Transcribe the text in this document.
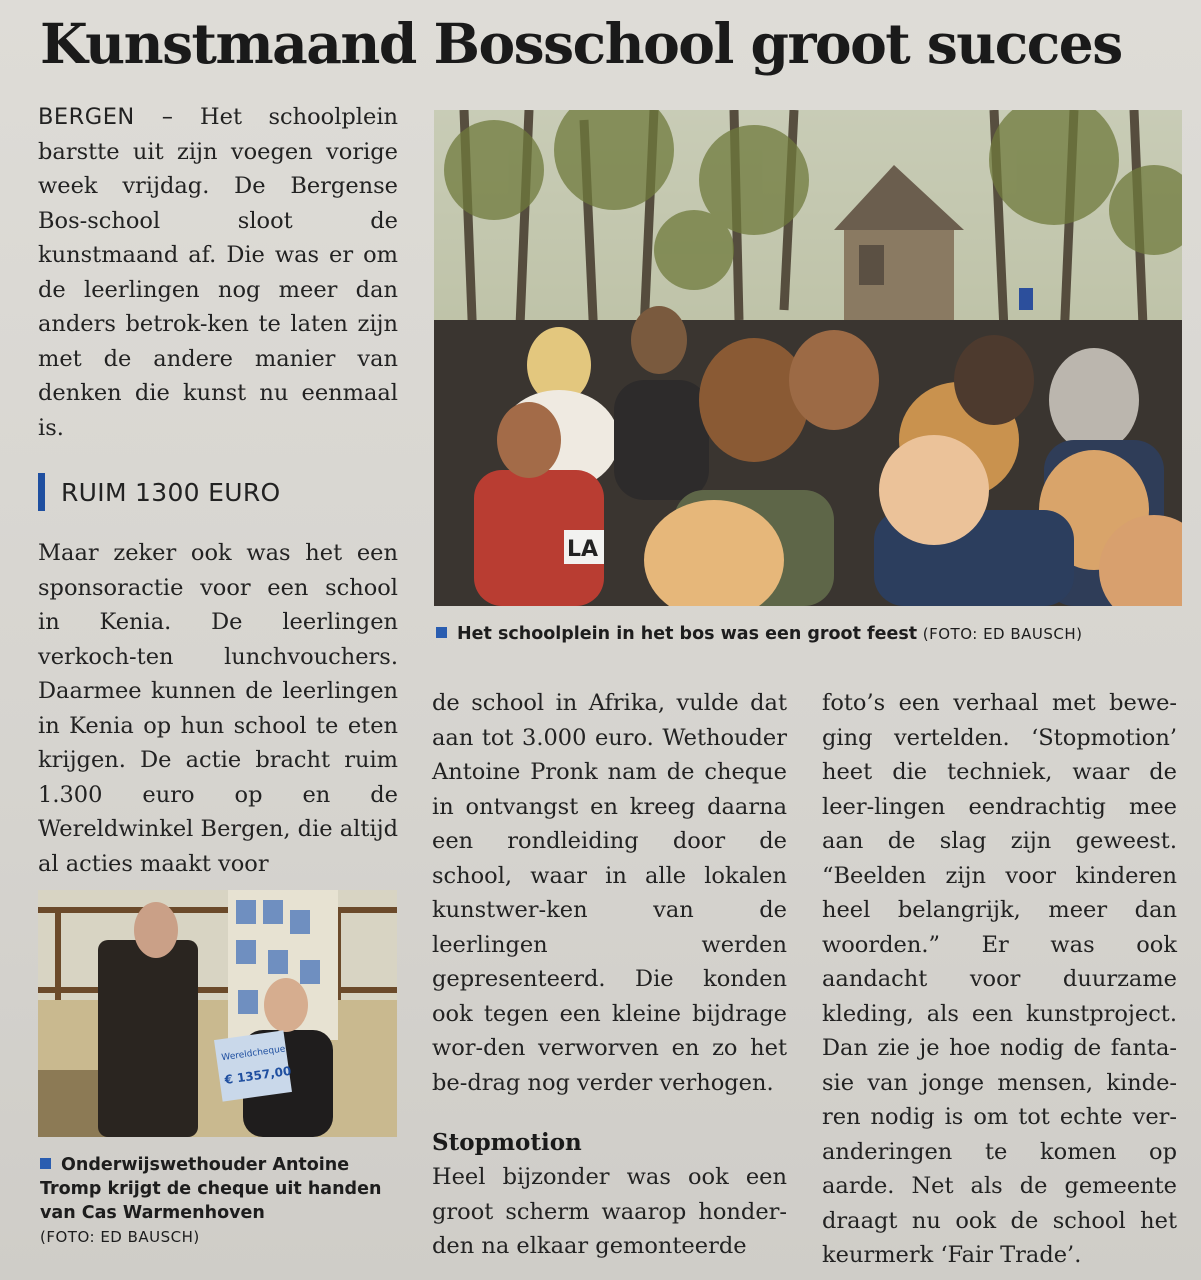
Kunstmaand Bosschool groot succes

BERGEN – Het schoolplein barstte uit zijn voegen vorige week vrijdag. De Bergense Bos-school sloot de kunstmaand af. Die was er om de leerlingen nog meer dan anders betrok-ken te laten zijn met de andere manier van denken die kunst nu eenmaal is.

RUIM 1300 EURO

Maar zeker ook was het een sponsoractie voor een school in Kenia. De leerlingen verkoch-ten lunchvouchers. Daarmee kunnen de leerlingen in Kenia op hun school te eten krijgen. De actie bracht ruim 1.300 euro op en de Wereldwinkel Bergen, die altijd al acties maakt voor

de school in Afrika, vulde dat aan tot 3.000 euro. Wethouder Antoine Pronk nam de cheque in ontvangst en kreeg daarna een rondleiding door de school, waar in alle lokalen kunstwer-ken van de leerlingen werden gepresenteerd. Die konden ook tegen een kleine bijdrage wor-den verworven en zo het be-drag nog verder verhogen.

Stopmotion

Heel bijzonder was ook een groot scherm waarop honder-den na elkaar gemonteerde

foto’s een verhaal met bewe-ging vertelden. ‘Stopmotion’ heet die techniek, waar de leer-lingen eendrachtig mee aan de slag zijn geweest. “Beelden zijn voor kinderen heel belangrijk, meer dan woorden.” Er was ook aandacht voor duurzame kleding, als een kunstproject. Dan zie je hoe nodig de fanta-sie van jonge mensen, kinde-ren nodig is om tot echte ver-anderingen te komen op aarde. Net als de gemeente draagt nu ook de school het keurmerk ‘Fair Trade’.

LA
Het schoolplein in het bos was een groot feest (FOTO: ED BAUSCH)
Wereldcheque
€ 1357,00
Onderwijswethouder Antoine Tromp krijgt de cheque uit handen van Cas Warmenhoven
(FOTO: ED BAUSCH)
